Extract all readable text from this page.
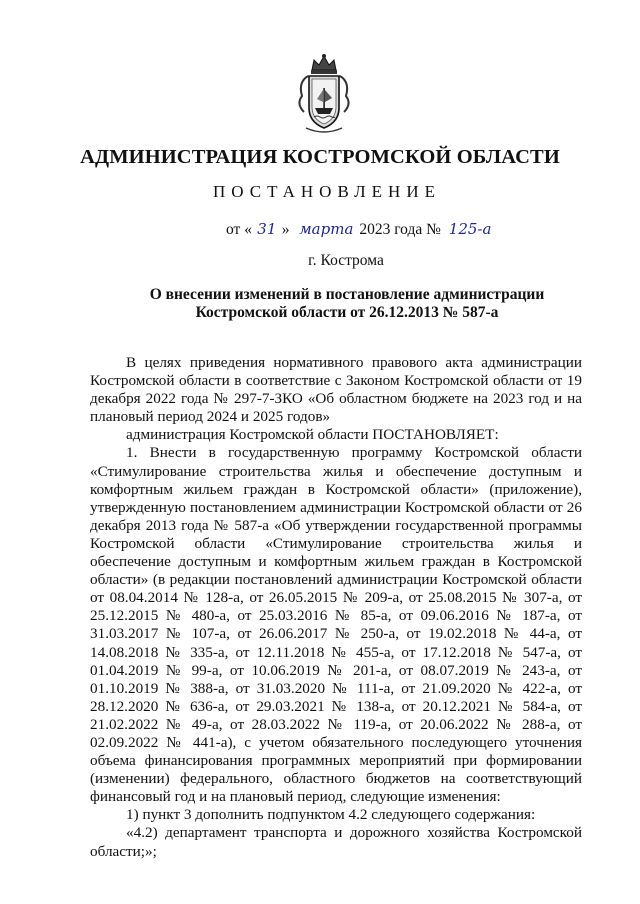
АДМИНИСТРАЦИЯ КОСТРОМСКОЙ ОБЛАСТИ
ПОСТАНОВЛЕНИЕ
от « 31 » марта 2023 года № 125-а
г. Кострома
О внесении изменений в постановление администрации
Костромской области от 26.12.2013 № 587-а

В целях приведения нормативного правового акта администрации Костромской области в соответствие с Законом Костромской области от 19 декабря 2022 года № 297-7-ЗКО «Об областном бюджете на 2023 год и на плановый период 2024 и 2025 годов»

администрация Костромской области ПОСТАНОВЛЯЕТ:

1. Внести в государственную программу Костромской области «Стимулирование строительства жилья и обеспечение доступным и комфортным жильем граждан в Костромской области» (приложение), утвержденную постановлением администрации Костромской области от 26 декабря 2013 года № 587-а «Об утверждении государственной программы Костромской области «Стимулирование строительства жилья и обеспечение доступным и комфортным жильем граждан в Костромской области» (в редакции постановлений администрации Костромской области от 08.04.2014 № 128-а, от 26.05.2015 № 209-а, от 25.08.2015 № 307-а, от 25.12.2015 № 480-а, от 25.03.2016 № 85-а, от 09.06.2016 № 187-а, от 31.03.2017 № 107-а, от 26.06.2017 № 250-а, от 19.02.2018 № 44-а, от 14.08.2018 № 335-а, от 12.11.2018 № 455-а, от 17.12.2018 № 547-а, от 01.04.2019 № 99-а, от 10.06.2019 № 201-а, от 08.07.2019 № 243-а, от 01.10.2019 № 388-а, от 31.03.2020 № 111-а, от 21.09.2020 № 422-а, от 28.12.2020 № 636-а, от 29.03.2021 № 138-а, от 20.12.2021 № 584-а, от 21.02.2022 № 49-а, от 28.03.2022 № 119-а, от 20.06.2022 № 288-а, от 02.09.2022 № 441-а), с учетом обязательного последующего уточнения объема финансирования программных мероприятий при формировании (изменении) федерального, областного бюджетов на соответствующий финансовый год и на плановый период, следующие изменения:

1) пункт 3 дополнить подпунктом 4.2 следующего содержания:

«4.2) департамент транспорта и дорожного хозяйства Костромской области;»;
